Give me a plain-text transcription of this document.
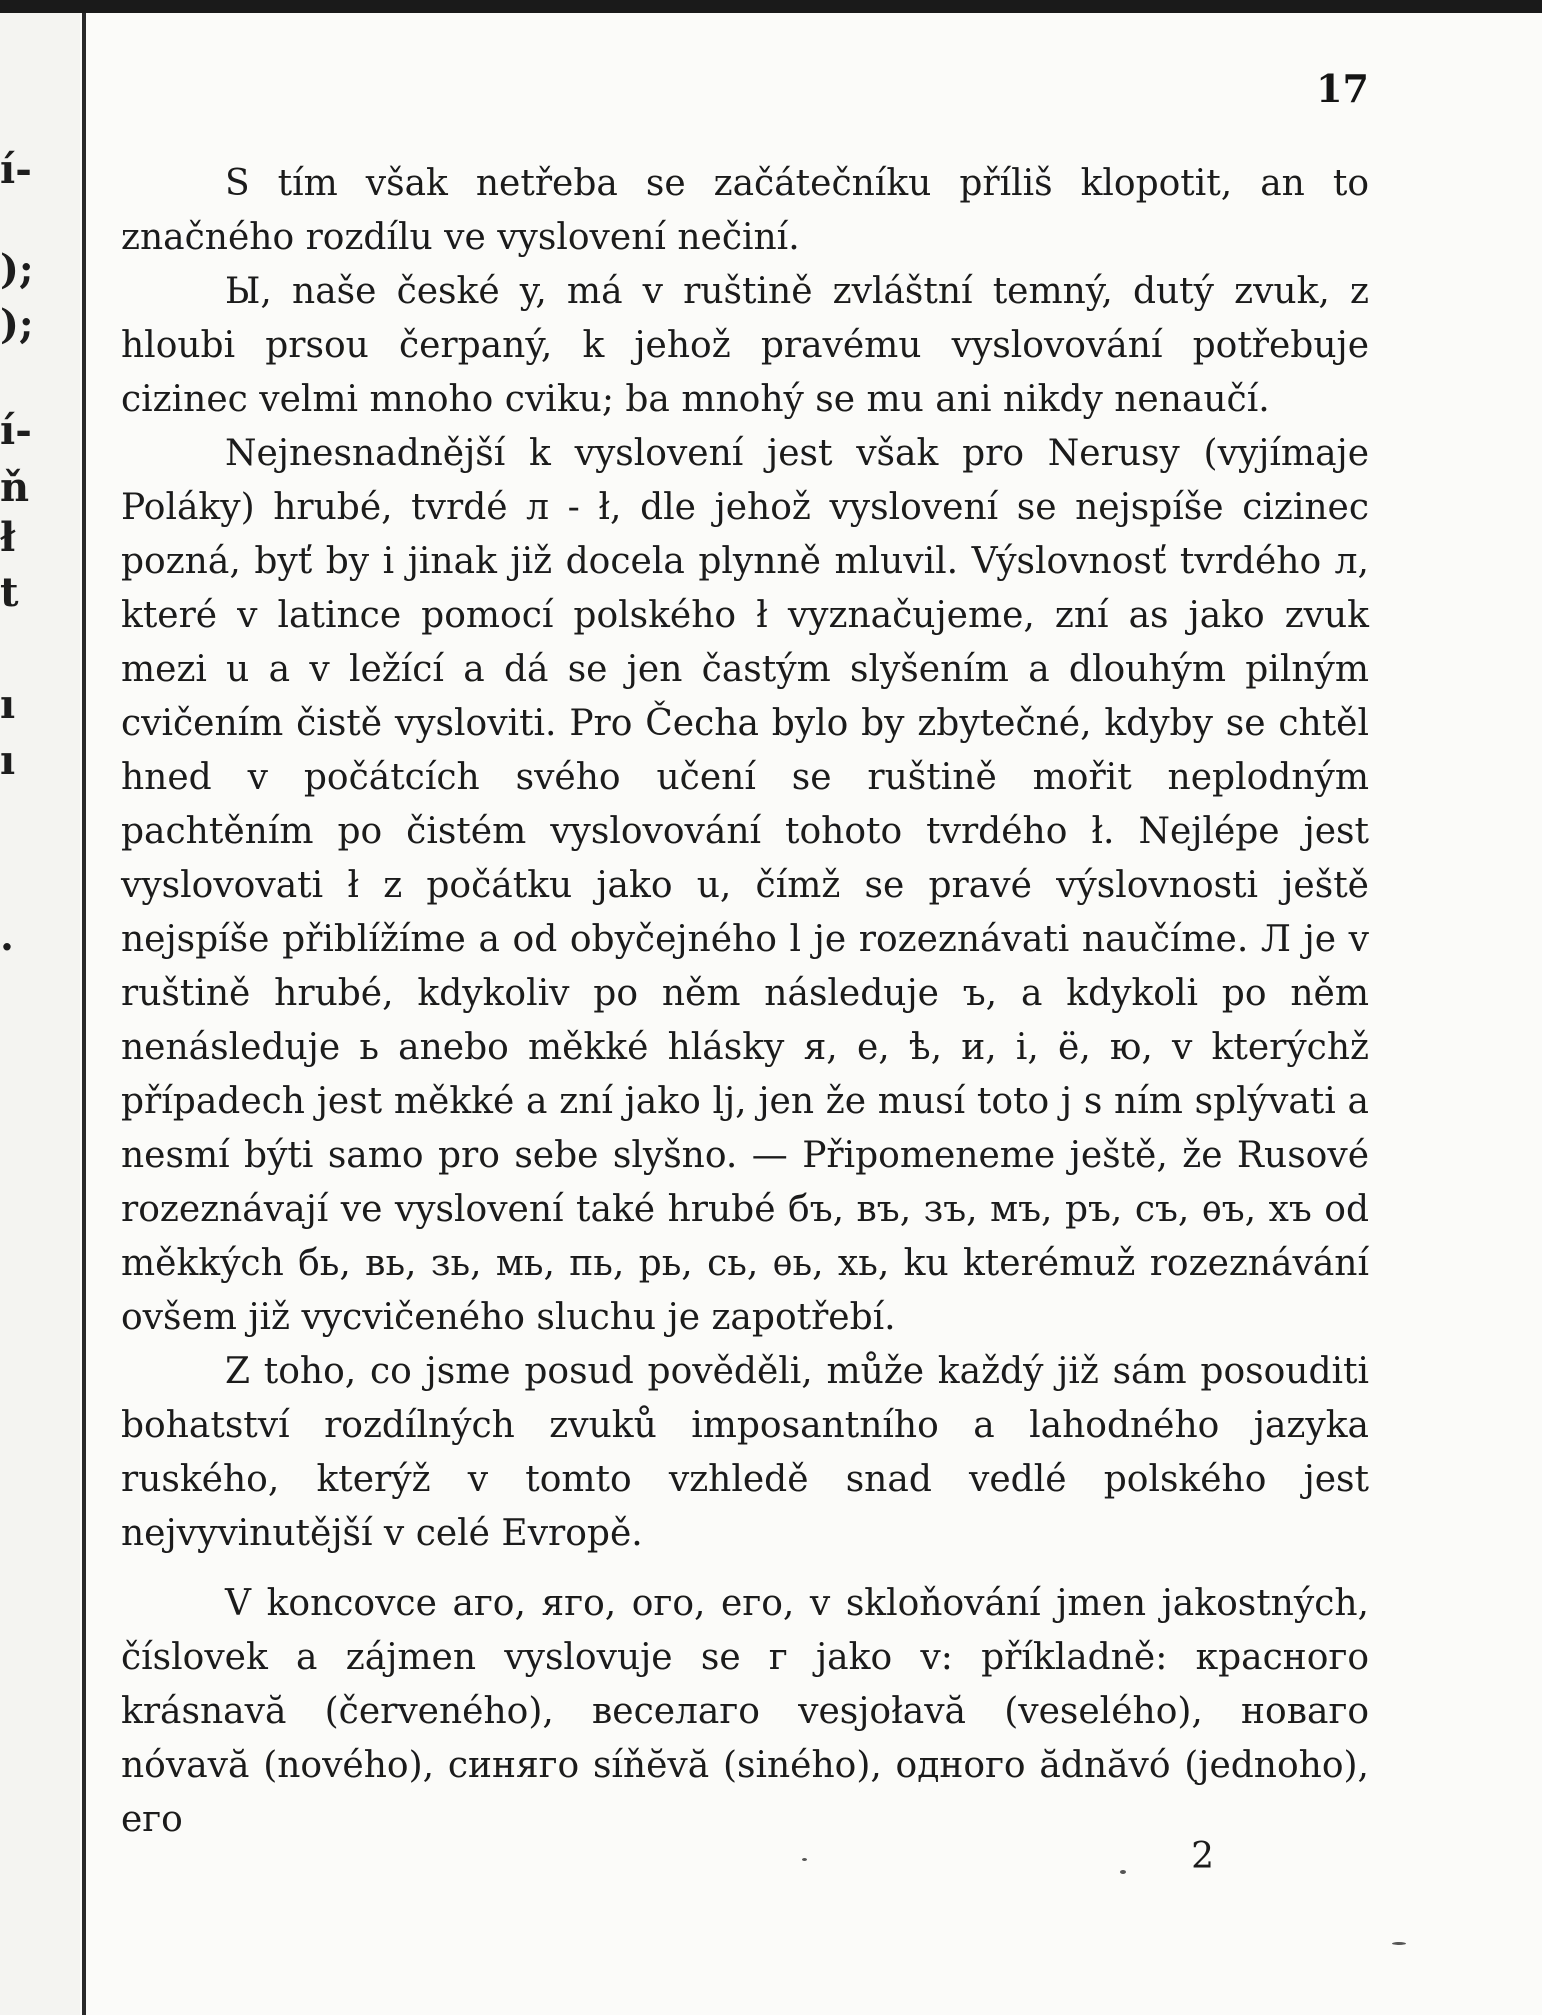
í-
);
);
í-
ň
ł
t
ı
ı
·
17

S tím však netřeba se začátečníku příliš klopotit, an to značného rozdílu ve vyslovení nečiní.

Ы, naše české y, má v ruštině zvláštní temný, dutý zvuk, z hloubi prsou čerpaný, k jehož pravému vyslovování potřebuje cizinec velmi mnoho cviku; ba mnohý se mu ani nikdy nenaučí.

Nejnesnadnější k vyslovení jest však pro Nerusy (vyjímaje Poláky) hrubé, tvrdé л - ł, dle jehož vyslovení se nejspíše cizinec pozná, byť by i jinak již docela plynně mluvil. Výslovnosť tvrdého л, které v latince pomocí polského ł vyznačujeme, zní as jako zvuk mezi u a v ležící a dá se jen častým slyšením a dlouhým pilným cvičením čistě vysloviti. Pro Čecha bylo by zbytečné, kdyby se chtěl hned v počátcích svého učení se ruštině mořit neplodným pachtěním po čistém vyslovování tohoto tvrdého ł. Nejlépe jest vyslovovati ł z počátku jako u, čímž se pravé výslovnosti ještě nejspíše přiblížíme a od obyčejného l je rozeznávati naučíme. Л je v ruštině hrubé, kdykoliv po něm následuje ъ, a kdykoli po něm nenásleduje ь anebo měkké hlásky я, е, ѣ, и, і, ё, ю, v kterýchž případech jest měkké a zní jako lj, jen že musí toto j s ním splývati a nesmí býti samo pro sebe slyšno. — Připomeneme ještě, že Rusové rozeznávají ve vyslovení také hrubé бъ, въ, зъ, мъ, ръ, съ, ѳъ, хъ od měkkých бь, вь, зь, мь, пь, рь, сь, ѳь, хь, ku kterémuž rozeznávání ovšem již vycvičeného sluchu je zapotřebí.

Z toho, co jsme posud pověděli, může každý již sám posouditi bohatství rozdílných zvuků imposantního a lahodného jazyka ruského, kterýž v tomto vzhledě snad vedlé polského jest nejvyvinutější v celé Evropě.

V koncovce аго, яго, ого, его, v skloňování jmen jakostných, číslovek a zájmen vyslovuje se г jako v: příkladně: красного krásnavă (červeného), веселаго vesjołavă (veselého), новаго nóvavă (nového), синяго síňĕvă (siného), одного ădnăvó (jednoho), его

2
